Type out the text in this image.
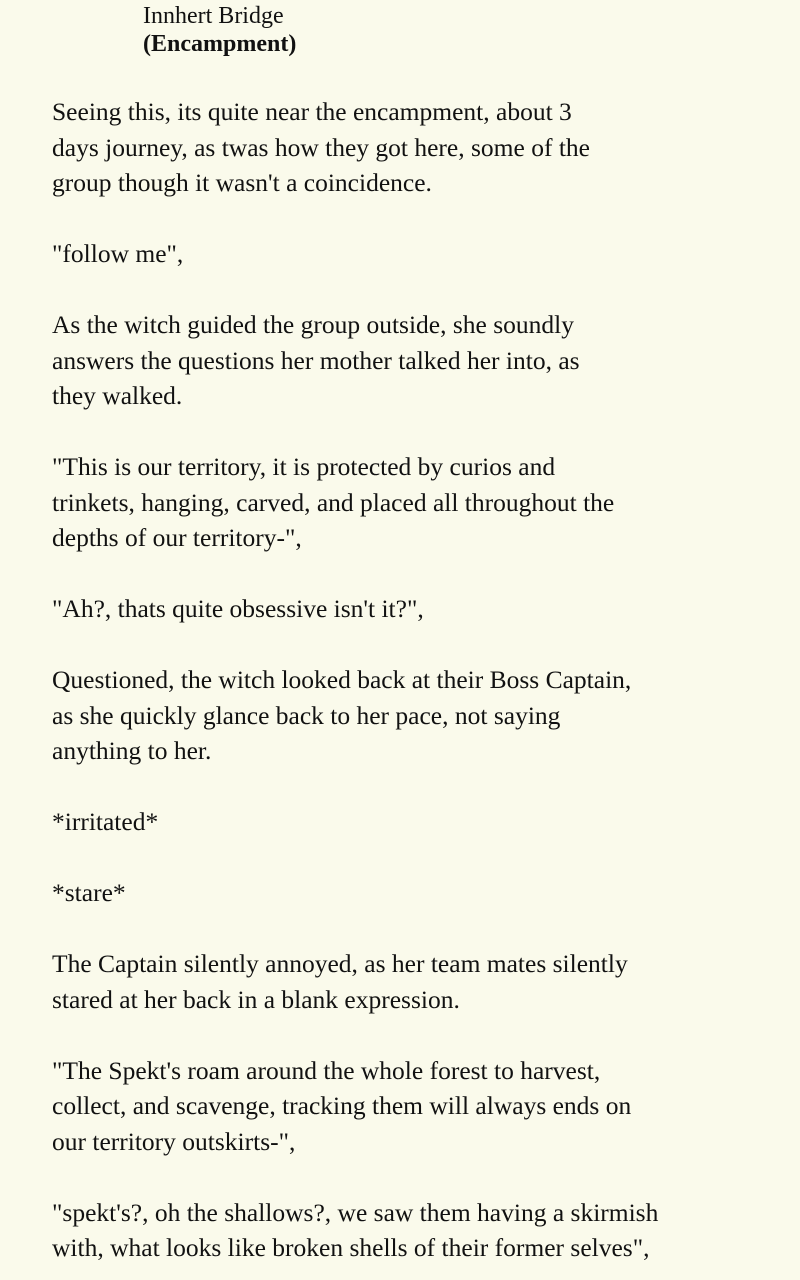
Innhert Bridge
(Encampment)
Seeing this, its quite near the encampment, about 3
days journey, as twas how they got here, some of the
group though it wasn't a coincidence.
"follow me",
As the witch guided the group outside, she soundly
answers the questions her mother talked her into, as
they walked.
"This is our territory, it is protected by curios and
trinkets, hanging, carved, and placed all throughout the
depths of our territory-",
"Ah?, thats quite obsessive isn't it?",
Questioned, the witch looked back at their Boss Captain,
as she quickly glance back to her pace, not saying
anything to her.
*irritated*
*stare*
The Captain silently annoyed, as her team mates silently
stared at her back in a blank expression.
"The Spekt's roam around the whole forest to harvest,
collect, and scavenge, tracking them will always ends on
our territory outskirts-",
"spekt's?, oh the shallows?, we saw them having a skirmish
with, what looks like broken shells of their former selves",
